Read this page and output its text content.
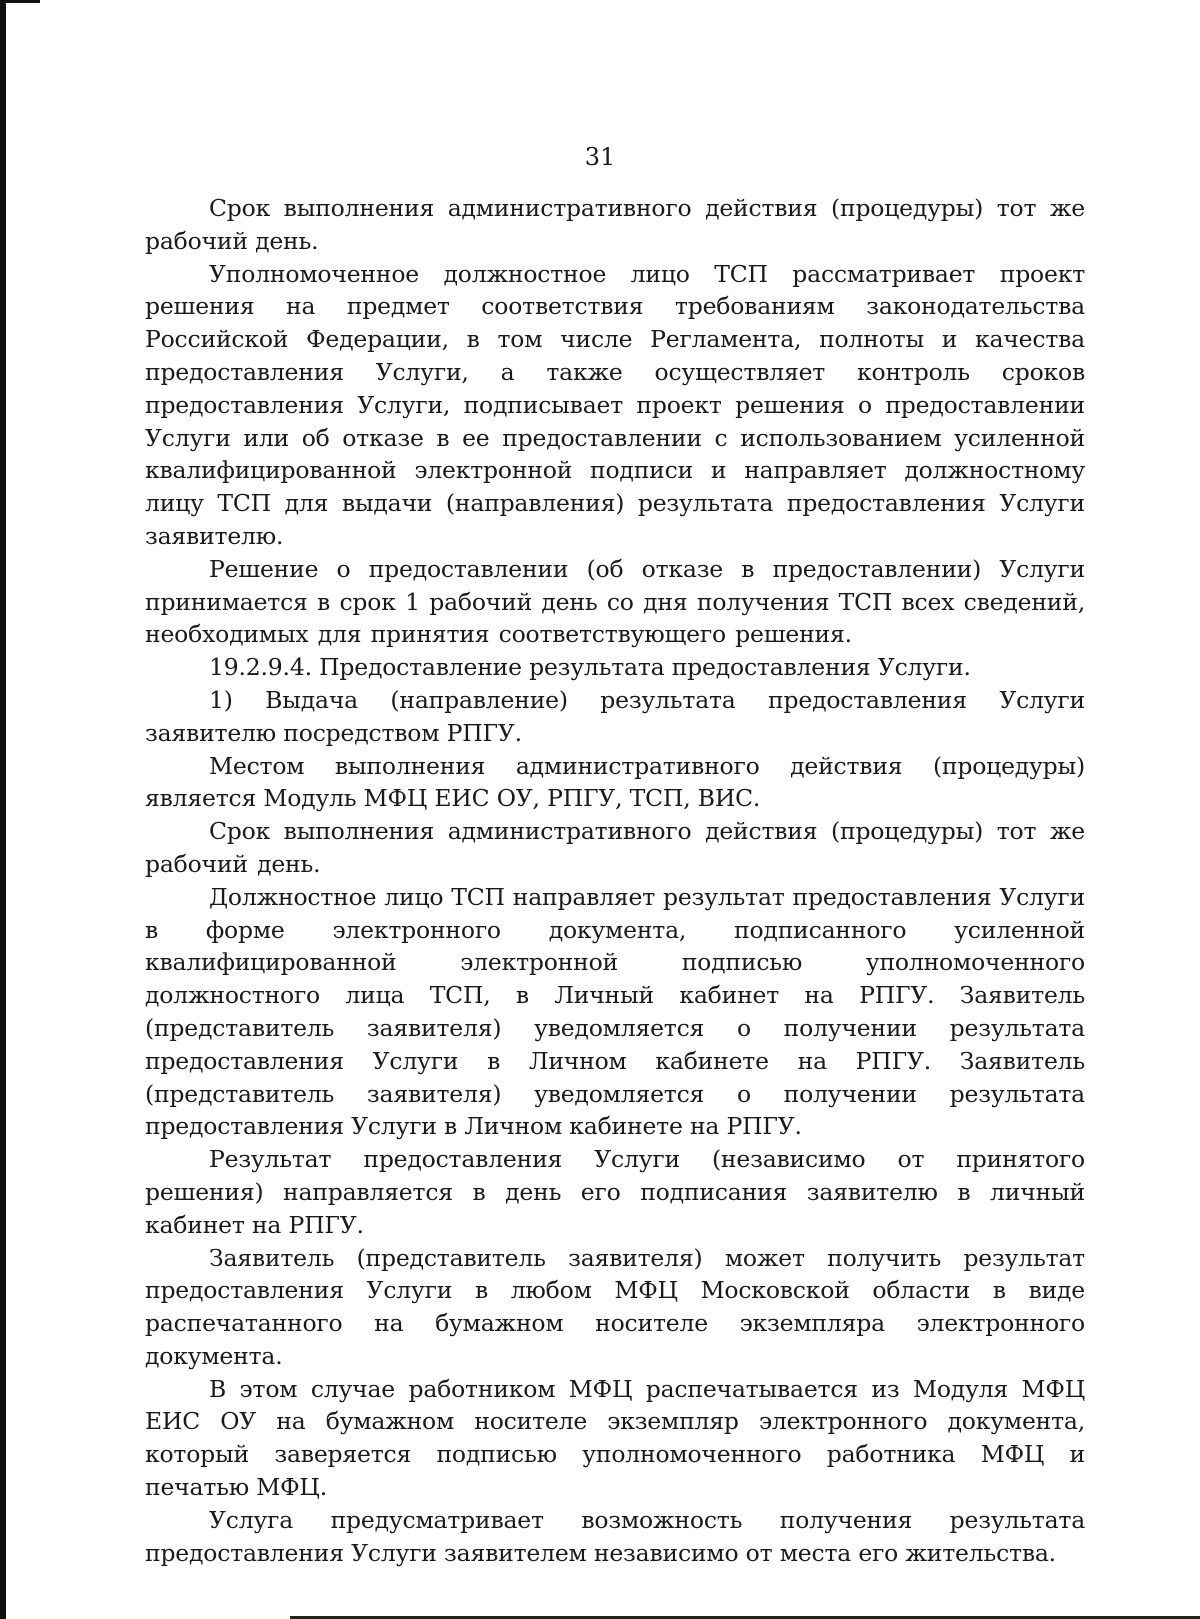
31

Срок выполнения административного действия (процедуры) тот же рабочий день.

Уполномоченное должностное лицо ТСП рассматривает проект решения на предмет соответствия требованиям законодательства Российской Федерации, в том числе Регламента, полноты и качества предоставления Услуги, а также осуществляет контроль сроков предоставления Услуги, подписывает проект решения о предоставлении Услуги или об отказе в ее предоставлении с использованием усиленной квалифицированной электронной подписи и направляет должностному лицу ТСП для выдачи (направления) результата предоставления Услуги заявителю.

Решение о предоставлении (об отказе в предоставлении) Услуги принимается в срок 1 рабочий день со дня получения ТСП всех сведений, необходимых для принятия соответствующего решения.

19.2.9.4. Предоставление результата предоставления Услуги.

1) Выдача (направление) результата предоставления Услуги заявителю посредством РПГУ.

Местом выполнения административного действия (процедуры) является Модуль МФЦ ЕИС ОУ, РПГУ, ТСП, ВИС.

Срок выполнения административного действия (процедуры) тот же рабочий день.

Должностное лицо ТСП направляет результат предоставления Услуги в форме электронного документа, подписанного усиленной квалифицированной электронной подписью уполномоченного должностного лица ТСП, в Личный кабинет на РПГУ. Заявитель (представитель заявителя) уведомляется о получении результата предоставления Услуги в Личном кабинете на РПГУ. Заявитель (представитель заявителя) уведомляется о получении результата предоставления Услуги в Личном кабинете на РПГУ.

Результат предоставления Услуги (независимо от принятого решения) направляется в день его подписания заявителю в личный кабинет на РПГУ.

Заявитель (представитель заявителя) может получить результат предоставления Услуги в любом МФЦ Московской области в виде распечатанного на бумажном носителе экземпляра электронного документа.

В этом случае работником МФЦ распечатывается из Модуля МФЦ ЕИС ОУ на бумажном носителе экземпляр электронного документа, который заверяется подписью уполномоченного работника МФЦ и печатью МФЦ.

Услуга предусматривает возможность получения результата предоставления Услуги заявителем независимо от места его жительства.
